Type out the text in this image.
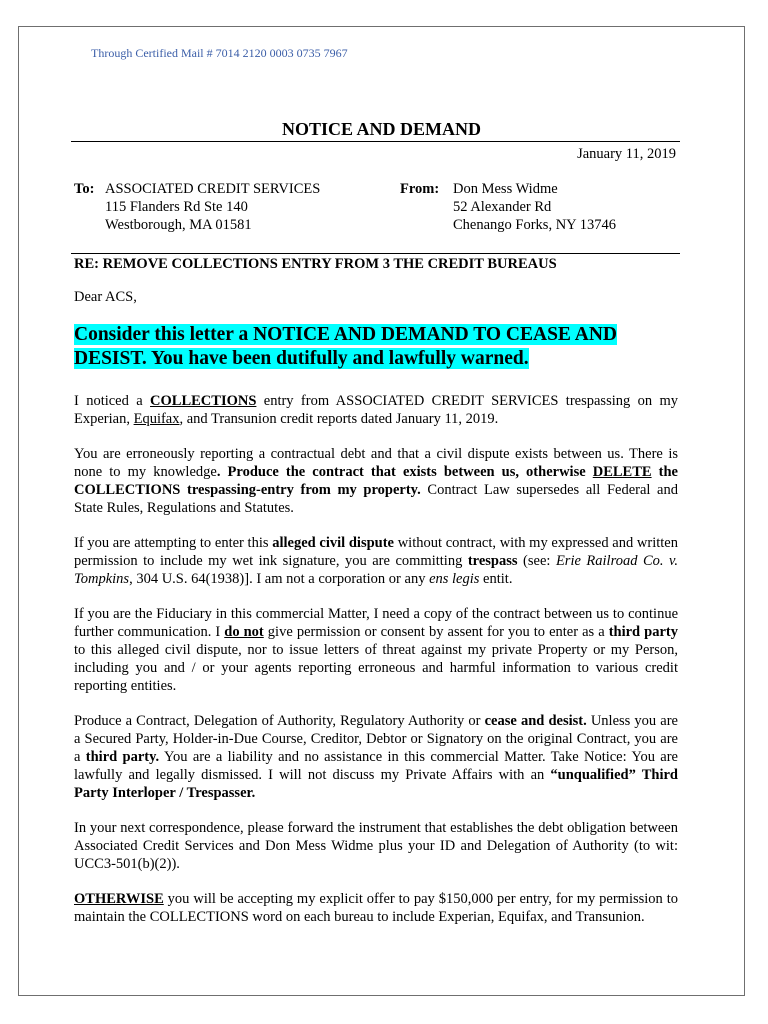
Through Certified Mail # 7014 2120 0003 0735 7967
NOTICE AND DEMAND
January 11, 2019
To: ASSOCIATED CREDIT SERVICES
115 Flanders Rd Ste 140
Westborough, MA 01581
From: Don Mess Widme
52 Alexander Rd
Chenango Forks, NY 13746
RE: REMOVE COLLECTIONS ENTRY FROM 3 THE CREDIT BUREAUS
Dear ACS,
Consider this letter a NOTICE AND DEMAND TO CEASE AND
DESIST. You have been dutifully and lawfully warned.
I noticed a COLLECTIONS entry from ASSOCIATED CREDIT SERVICES trespassing on my Experian, Equifax, and Transunion credit reports dated January 11, 2019.
You are erroneously reporting a contractual debt and that a civil dispute exists between us. There is none to my knowledge. Produce the contract that exists between us, otherwise DELETE the COLLECTIONS trespassing-entry from my property. Contract Law supersedes all Federal and State Rules, Regulations and Statutes.
If you are attempting to enter this alleged civil dispute without contract, with my expressed and written permission to include my wet ink signature, you are committing trespass (see: Erie Railroad Co. v. Tompkins, 304 U.S. 64(1938)]. I am not a corporation or any ens legis entit.
If you are the Fiduciary in this commercial Matter, I need a copy of the contract between us to continue further communication. I do not give permission or consent by assent for you to enter as a third party to this alleged civil dispute, nor to issue letters of threat against my private Property or my Person, including you and / or your agents reporting erroneous and harmful information to various credit reporting entities.
Produce a Contract, Delegation of Authority, Regulatory Authority or cease and desist. Unless you are a Secured Party, Holder-in-Due Course, Creditor, Debtor or Signatory on the original Contract, you are a third party. You are a liability and no assistance in this commercial Matter. Take Notice: You are lawfully and legally dismissed. I will not discuss my Private Affairs with an “unqualified” Third Party Interloper / Trespasser.
In your next correspondence, please forward the instrument that establishes the debt obligation between Associated Credit Services and Don Mess Widme plus your ID and Delegation of Authority (to wit: UCC3-501(b)(2)).
OTHERWISE you will be accepting my explicit offer to pay $150,000 per entry, for my permission to maintain the COLLECTIONS word on each bureau to include Experian, Equifax, and Transunion.
